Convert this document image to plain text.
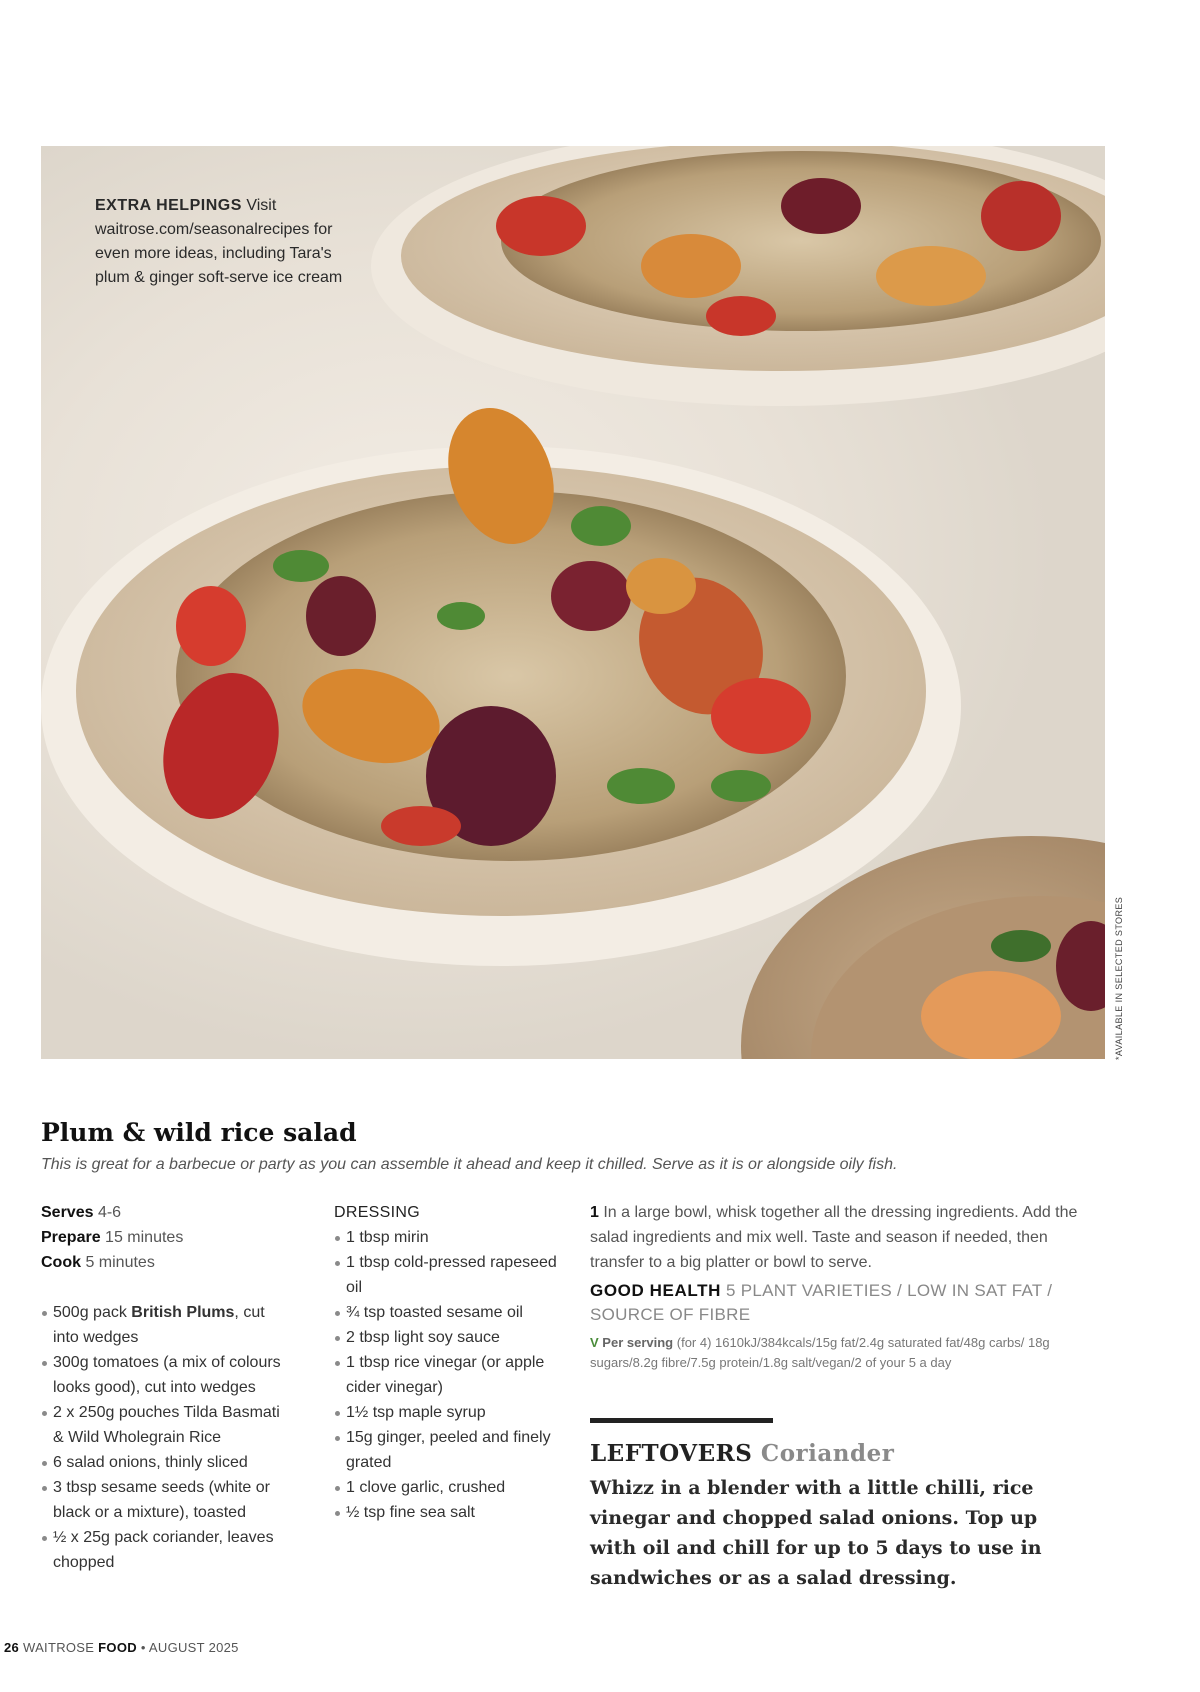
EXTRA HELPINGS Visit waitrose.com/seasonalrecipes for even more ideas, including Tara's plum & ginger soft-serve ice cream
*AVAILABLE IN SELECTED STORES
Plum & wild rice salad

This is great for a barbecue or party as you can assemble it ahead and keep it chilled. Serve as it is or alongside oily fish.

Serves 4-6
Prepare 15 minutes
Cook 5 minutes
500g pack British Plums, cut into wedges
300g tomatoes (a mix of colours looks good), cut into wedges
2 x 250g pouches Tilda Basmati & Wild Wholegrain Rice
6 salad onions, thinly sliced
3 tbsp sesame seeds (white or black or a mixture), toasted
½ x 25g pack coriander, leaves chopped
DRESSING
1 tbsp mirin
1 tbsp cold-pressed rapeseed oil
¾ tsp toasted sesame oil
2 tbsp light soy sauce
1 tbsp rice vinegar (or apple cider vinegar)
1½ tsp maple syrup
15g ginger, peeled and finely grated
1 clove garlic, crushed
½ tsp fine sea salt

1 In a large bowl, whisk together all the dressing ingredients. Add the salad ingredients and mix well. Taste and season if needed, then transfer to a big platter or bowl to serve.

GOOD HEALTH 5 PLANT VARIETIES / LOW IN SAT FAT / SOURCE OF FIBRE

V Per serving (for 4) 1610kJ/384kcals/15g fat/2.4g saturated fat/48g carbs/ 18g sugars/8.2g fibre/7.5g protein/1.8g salt/vegan/2 of your 5 a day

LEFTOVERS Coriander
Whizz in a blender with a little chilli, rice vinegar and chopped salad onions. Top up with oil and chill for up to 5 days to use in sandwiches or as a salad dressing.
26 WAITROSE FOOD • AUGUST 2025
